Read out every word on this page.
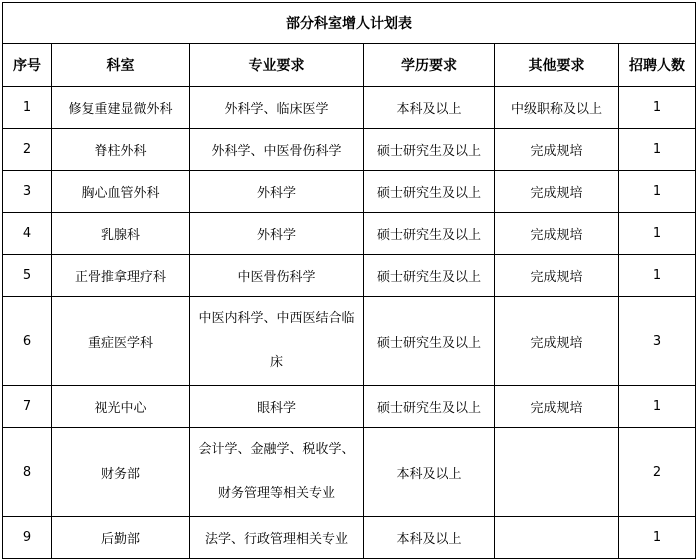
部分科室增人计划表					
序号	科室	专业要求	学历要求	其他要求	招聘人数
1	修复重建显微外科	外科学、临床医学	本科及以上	中级职称及以上	1
2	脊柱外科	外科学、中医骨伤科学	硕士研究生及以上	完成规培	1
3	胸心血管外科	外科学	硕士研究生及以上	完成规培	1
4	乳腺科	外科学	硕士研究生及以上	完成规培	1
5	正骨推拿理疗科	中医骨伤科学	硕士研究生及以上	完成规培	1
6	重症医学科	中医内科学、中西医结合临床	硕士研究生及以上	完成规培	3
7	视光中心	眼科学	硕士研究生及以上	完成规培	1
8	财务部	会计学、金融学、税收学、财务管理等相关专业	本科及以上		2
9	后勤部	法学、行政管理相关专业	本科及以上		1
